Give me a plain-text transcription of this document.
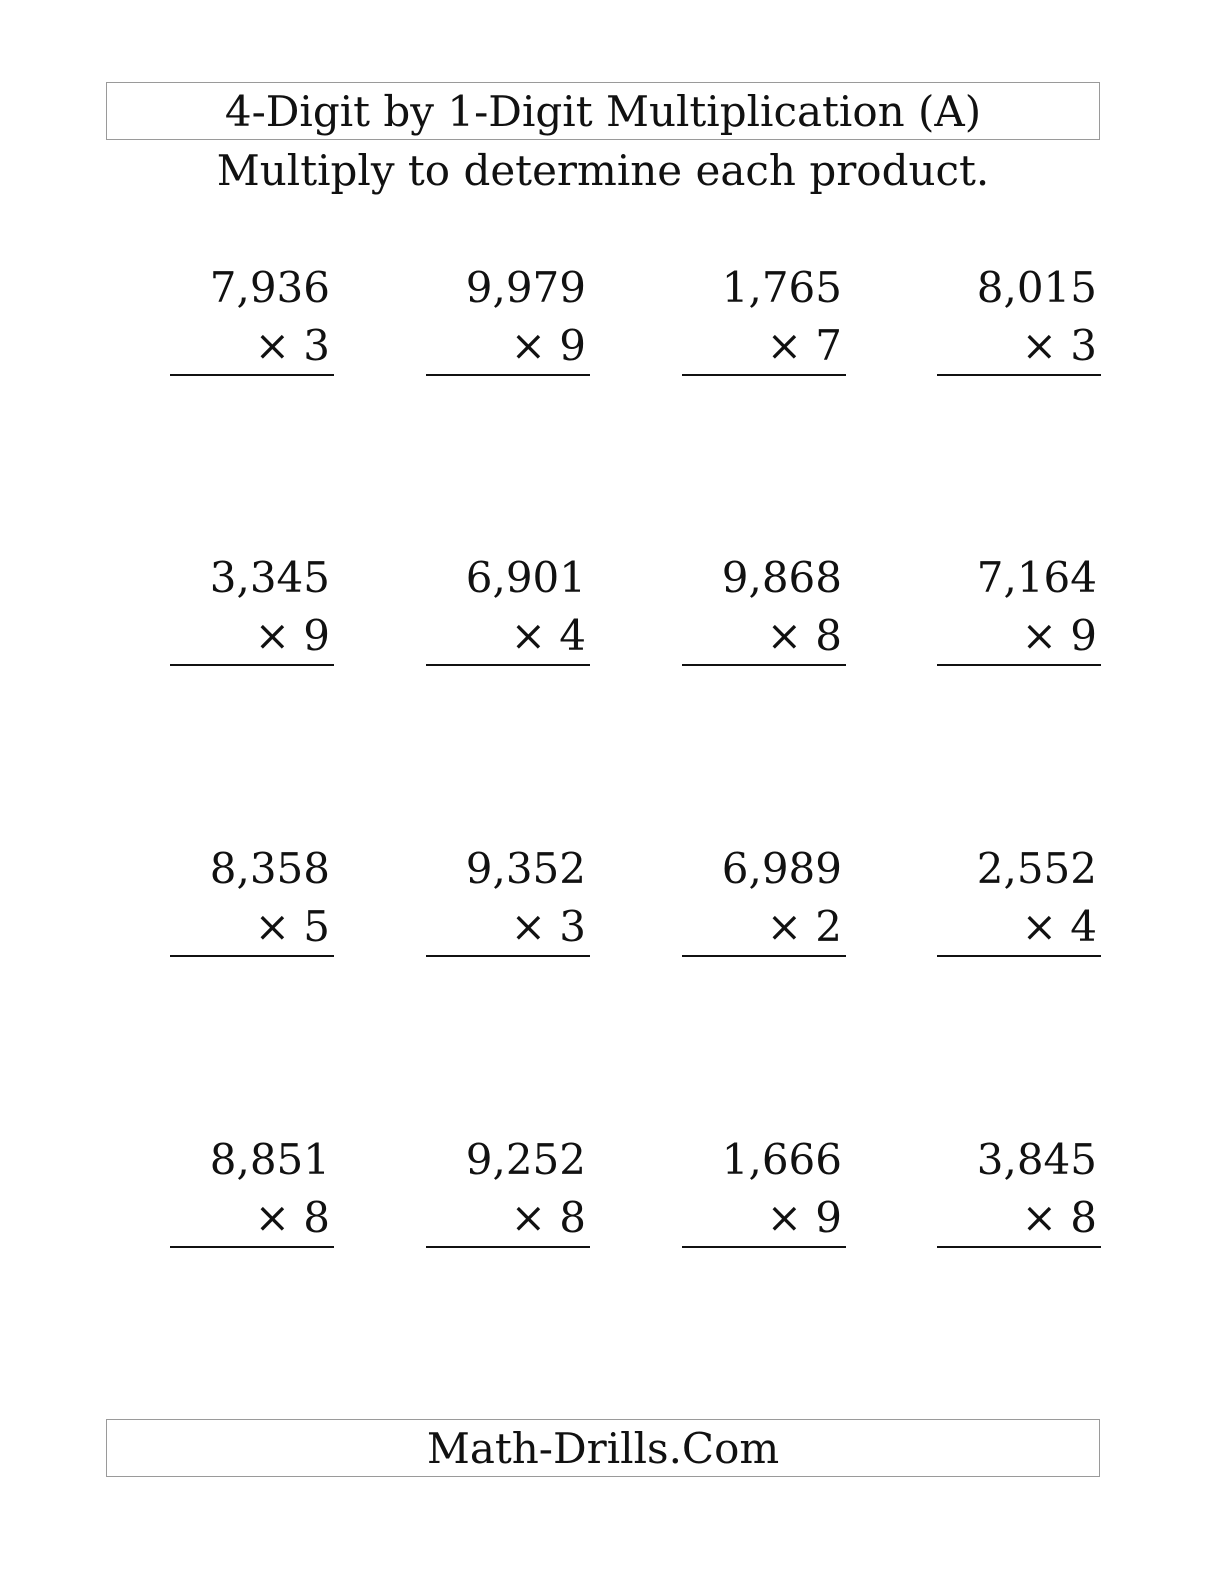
4-Digit by 1-Digit Multiplication (A)
Multiply to determine each product.
7,936
× 3
9,979
× 9
1,765
× 7
8,015
× 3
3,345
× 9
6,901
× 4
9,868
× 8
7,164
× 9
8,358
× 5
9,352
× 3
6,989
× 2
2,552
× 4
8,851
× 8
9,252
× 8
1,666
× 9
3,845
× 8
Math-Drills.Com
